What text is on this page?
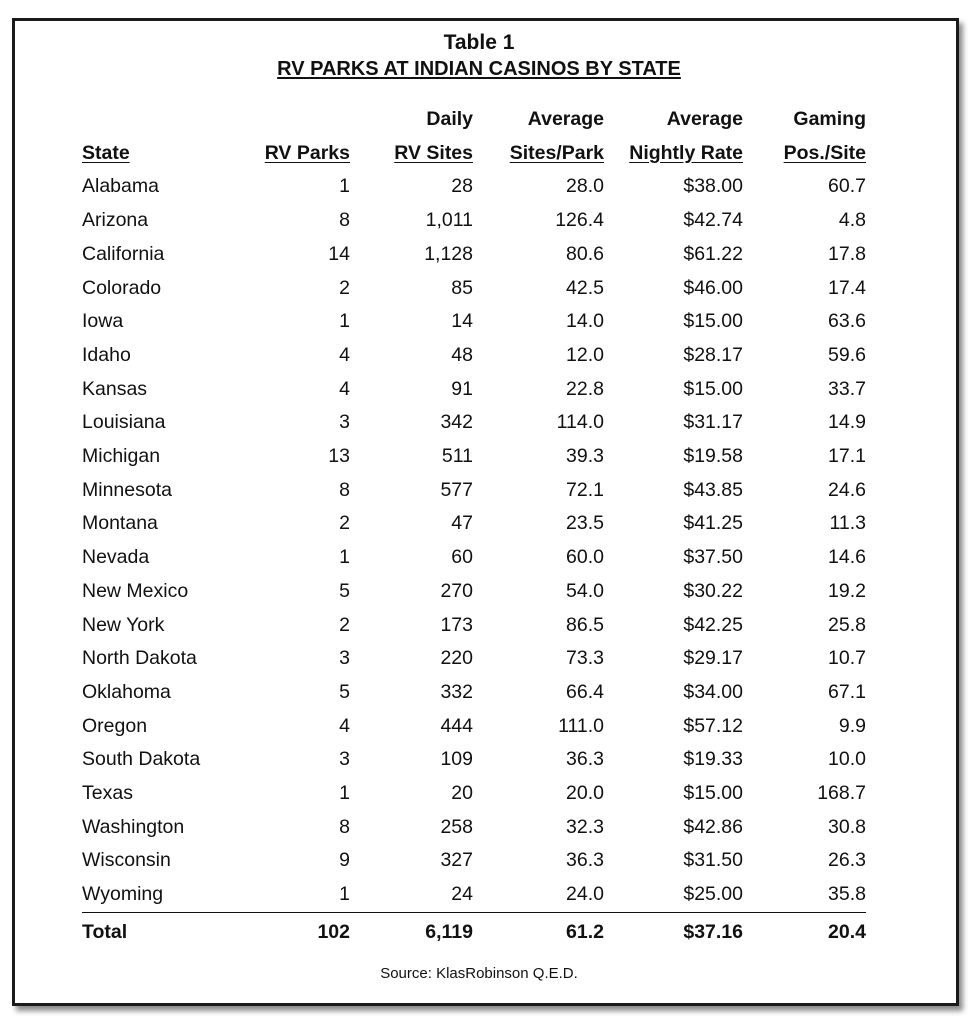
Table 1
RV PARKS AT INDIAN CASINOS BY STATE
		Daily	Average	Average	Gaming
State	RV Parks	RV Sites	Sites/Park	Nightly Rate	Pos./Site
Alabama	1	28	28.0	$38.00	60.7
Arizona	8	1,011	126.4	$42.74	4.8
California	14	1,128	80.6	$61.22	17.8
Colorado	2	85	42.5	$46.00	17.4
Iowa	1	14	14.0	$15.00	63.6
Idaho	4	48	12.0	$28.17	59.6
Kansas	4	91	22.8	$15.00	33.7
Louisiana	3	342	114.0	$31.17	14.9
Michigan	13	511	39.3	$19.58	17.1
Minnesota	8	577	72.1	$43.85	24.6
Montana	2	47	23.5	$41.25	11.3
Nevada	1	60	60.0	$37.50	14.6
New Mexico	5	270	54.0	$30.22	19.2
New York	2	173	86.5	$42.25	25.8
North Dakota	3	220	73.3	$29.17	10.7
Oklahoma	5	332	66.4	$34.00	67.1
Oregon	4	444	111.0	$57.12	9.9
South Dakota	3	109	36.3	$19.33	10.0
Texas	1	20	20.0	$15.00	168.7
Washington	8	258	32.3	$42.86	30.8
Wisconsin	9	327	36.3	$31.50	26.3
Wyoming	1	24	24.0	$25.00	35.8
Total	102	6,119	61.2	$37.16	20.4
Source: KlasRobinson Q.E.D.
